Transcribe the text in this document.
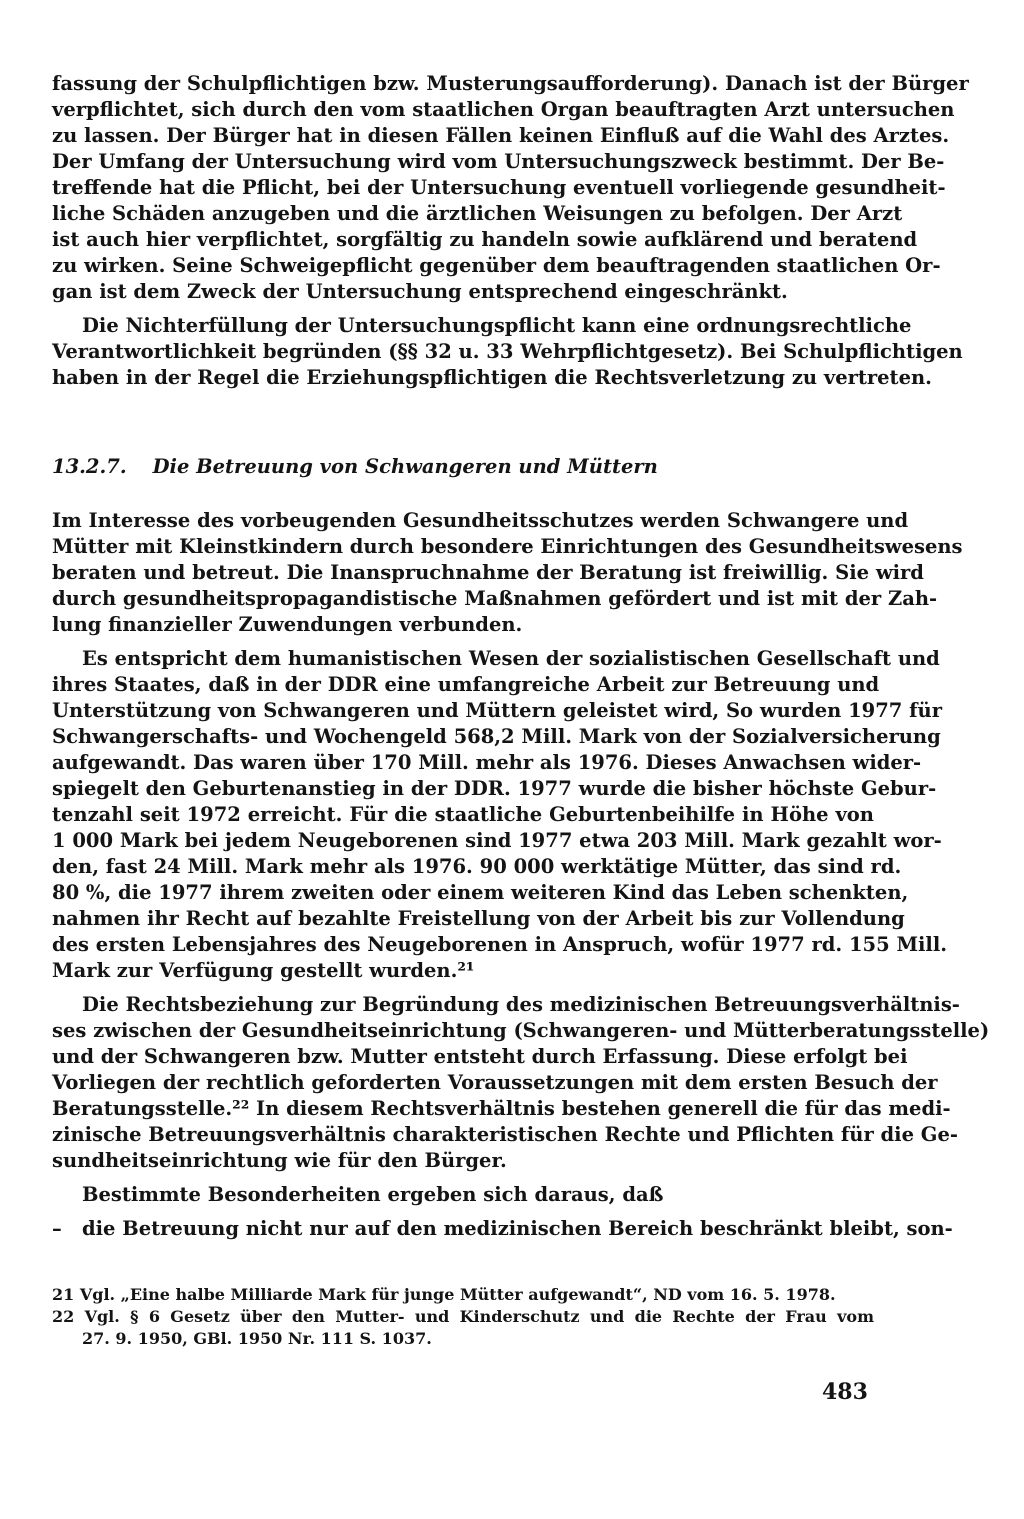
fassung der Schulpflichtigen bzw. Musterungsaufforderung). Danach ist der Bürger
verpflichtet, sich durch den vom staatlichen Organ beauftragten Arzt untersuchen
zu lassen. Der Bürger hat in diesen Fällen keinen Einfluß auf die Wahl des Arztes.
Der Umfang der Untersuchung wird vom Untersuchungszweck bestimmt. Der Be-
treffende hat die Pflicht, bei der Untersuchung eventuell vorliegende gesundheit-
liche Schäden anzugeben und die ärztlichen Weisungen zu befolgen. Der Arzt
ist auch hier verpflichtet, sorgfältig zu handeln sowie aufklärend und beratend
zu wirken. Seine Schweigepflicht gegenüber dem beauftragenden staatlichen Or-
gan ist dem Zweck der Untersuchung entsprechend eingeschränkt.
Die Nichterfüllung der Untersuchungspflicht kann eine ordnungsrechtliche
Verantwortlichkeit begründen (§§ 32 u. 33 Wehrpflichtgesetz). Bei Schulpflichtigen
haben in der Regel die Erziehungspflichtigen die Rechtsverletzung zu vertreten.
13.2.7. Die Betreuung von Schwangeren und Müttern
Im Interesse des vorbeugenden Gesundheitsschutzes werden Schwangere und
Mütter mit Kleinstkindern durch besondere Einrichtungen des Gesundheitswesens
beraten und betreut. Die Inanspruchnahme der Beratung ist freiwillig. Sie wird
durch gesundheitspropagandistische Maßnahmen gefördert und ist mit der Zah-
lung finanzieller Zuwendungen verbunden.
Es entspricht dem humanistischen Wesen der sozialistischen Gesellschaft und
ihres Staates, daß in der DDR eine umfangreiche Arbeit zur Betreuung und
Unterstützung von Schwangeren und Müttern geleistet wird, So wurden 1977 für
Schwangerschafts- und Wochengeld 568,2 Mill. Mark von der Sozialversicherung
aufgewandt. Das waren über 170 Mill. mehr als 1976. Dieses Anwachsen wider-
spiegelt den Geburtenanstieg in der DDR. 1977 wurde die bisher höchste Gebur-
tenzahl seit 1972 erreicht. Für die staatliche Geburtenbeihilfe in Höhe von
1 000 Mark bei jedem Neugeborenen sind 1977 etwa 203 Mill. Mark gezahlt wor-
den, fast 24 Mill. Mark mehr als 1976. 90 000 werktätige Mütter, das sind rd.
80 %, die 1977 ihrem zweiten oder einem weiteren Kind das Leben schenkten,
nahmen ihr Recht auf bezahlte Freistellung von der Arbeit bis zur Vollendung
des ersten Lebensjahres des Neugeborenen in Anspruch, wofür 1977 rd. 155 Mill.
Mark zur Verfügung gestellt wurden.²¹
Die Rechtsbeziehung zur Begründung des medizinischen Betreuungsverhältnis-
ses zwischen der Gesundheitseinrichtung (Schwangeren- und Mütterberatungsstelle)
und der Schwangeren bzw. Mutter entsteht durch Erfassung. Diese erfolgt bei
Vorliegen der rechtlich geforderten Voraussetzungen mit dem ersten Besuch der
Beratungsstelle.²² In diesem Rechtsverhältnis bestehen generell die für das medi-
zinische Betreuungsverhältnis charakteristischen Rechte und Pflichten für die Ge-
sundheitseinrichtung wie für den Bürger.
Bestimmte Besonderheiten ergeben sich daraus, daß
– die Betreuung nicht nur auf den medizinischen Bereich beschränkt bleibt, son-
21 Vgl. „Eine halbe Milliarde Mark für junge Mütter aufgewandt“, ND vom 16. 5. 1978.
22 Vgl. § 6 Gesetz über den Mutter- und Kinderschutz und die Rechte der Frau vom
27. 9. 1950, GBl. 1950 Nr. 111 S. 1037.
483
